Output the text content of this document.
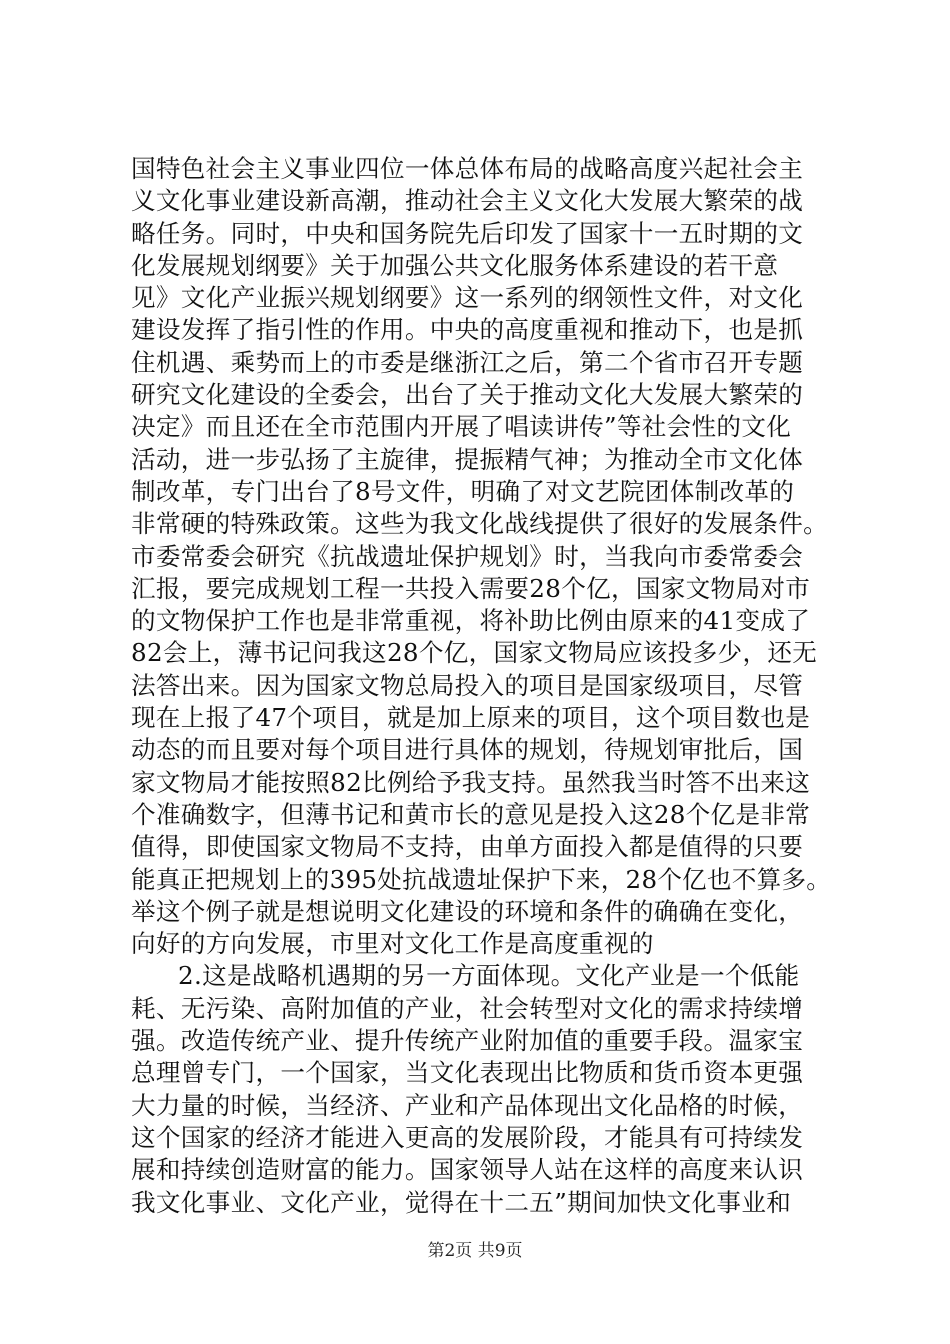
国特色社会主义事业四位一体总体布局的战略高度兴起社会主
义文化事业建设新高潮，推动社会主义文化大发展大繁荣的战
略任务。同时，中央和国务院先后印发了国家十一五时期的文
化发展规划纲要》关于加强公共文化服务体系建设的若干意
见》文化产业振兴规划纲要》这一系列的纲领性文件，对文化
建设发挥了指引性的作用。中央的高度重视和推动下，也是抓
住机遇、乘势而上的市委是继浙江之后，第二个省市召开专题
研究文化建设的全委会，出台了关于推动文化大发展大繁荣的
决定》而且还在全市范围内开展了唱读讲传”等社会性的文化
活动，进一步弘扬了主旋律，提振精气神；为推动全市文化体
制改革，专门出台了8号文件，明确了对文艺院团体制改革的
非常硬的特殊政策。这些为我文化战线提供了很好的发展条件。
市委常委会研究《抗战遗址保护规划》时，当我向市委常委会
汇报，要完成规划工程一共投入需要28个亿，国家文物局对市
的文物保护工作也是非常重视，将补助比例由原来的41变成了
82会上，薄书记问我这28个亿，国家文物局应该投多少，还无
法答出来。因为国家文物总局投入的项目是国家级项目，尽管
现在上报了47个项目，就是加上原来的项目，这个项目数也是
动态的而且要对每个项目进行具体的规划，待规划审批后，国
家文物局才能按照82比例给予我支持。虽然我当时答不出来这
个准确数字，但薄书记和黄市长的意见是投入这28个亿是非常
值得，即使国家文物局不支持，由单方面投入都是值得的只要
能真正把规划上的395处抗战遗址保护下来，28个亿也不算多。
举这个例子就是想说明文化建设的环境和条件的确确在变化，
向好的方向发展，市里对文化工作是高度重视的
2.这是战略机遇期的另一方面体现。文化产业是一个低能
耗、无污染、高附加值的产业，社会转型对文化的需求持续增
强。改造传统产业、提升传统产业附加值的重要手段。温家宝
总理曾专门，一个国家，当文化表现出比物质和货币资本更强
大力量的时候，当经济、产业和产品体现出文化品格的时候，
这个国家的经济才能进入更高的发展阶段，才能具有可持续发
展和持续创造财富的能力。国家领导人站在这样的高度来认识
我文化事业、文化产业，觉得在十二五”期间加快文化事业和
第2页 共9页
